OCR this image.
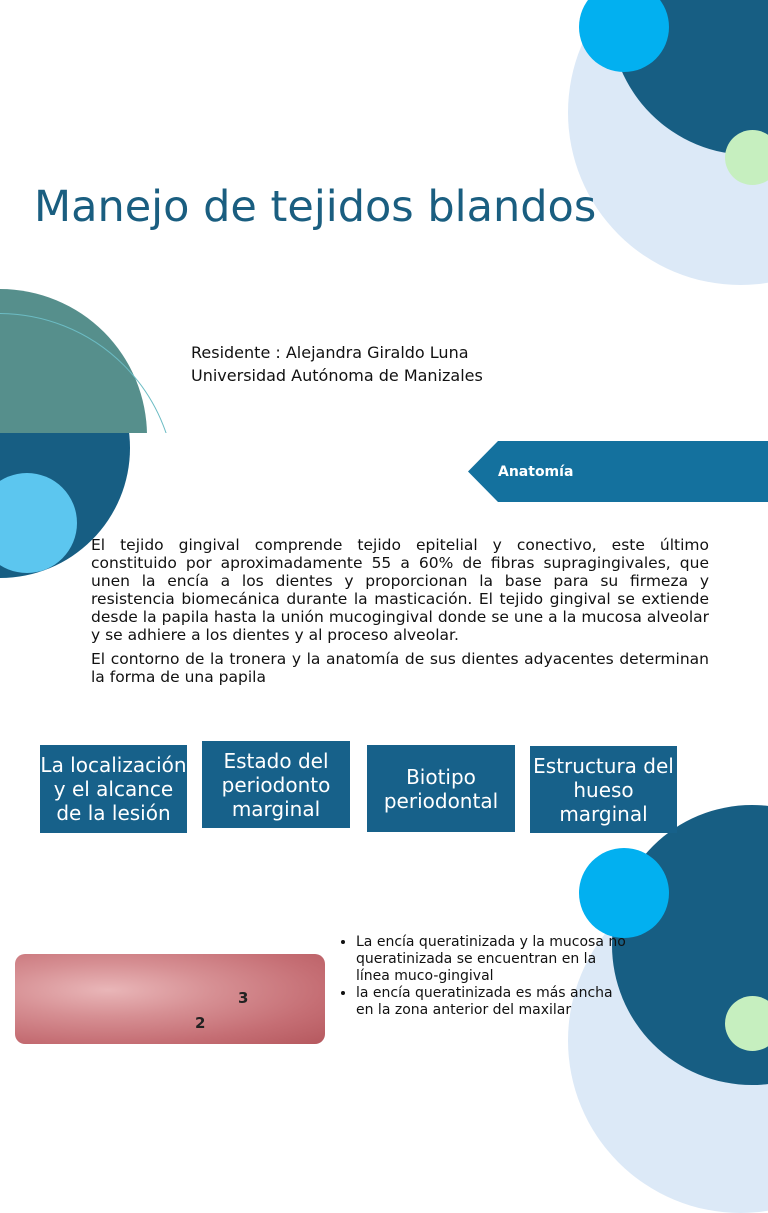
Manejo de tejidos blandos
Residente : Alejandra Giraldo Luna
Universidad Autónoma de Manizales
Anatomía

El tejido gingival comprende tejido epitelial y conectivo, este último constituido por aproximadamente 55 a 60% de fibras supragingivales, que unen la encía a los dientes y proporcionan la base para su firmeza y resistencia biomecánica durante la masticación. El tejido gingival se extiende desde la papila hasta la unión mucogingival donde se une a la mucosa alveolar y se adhiere a los dientes y al proceso alveolar.

El contorno de la tronera y la anatomía de sus dientes adyacentes determinan la forma de una papila

La localización y el alcance de la lesión
Estado del periodonto marginal
Biotipo periodontal
Estructura del hueso marginal
3
2
• La encía queratinizada y la mucosa no queratinizada se encuentran en la línea muco-gingival
• la encía queratinizada es más ancha en la zona anterior del maxilar
